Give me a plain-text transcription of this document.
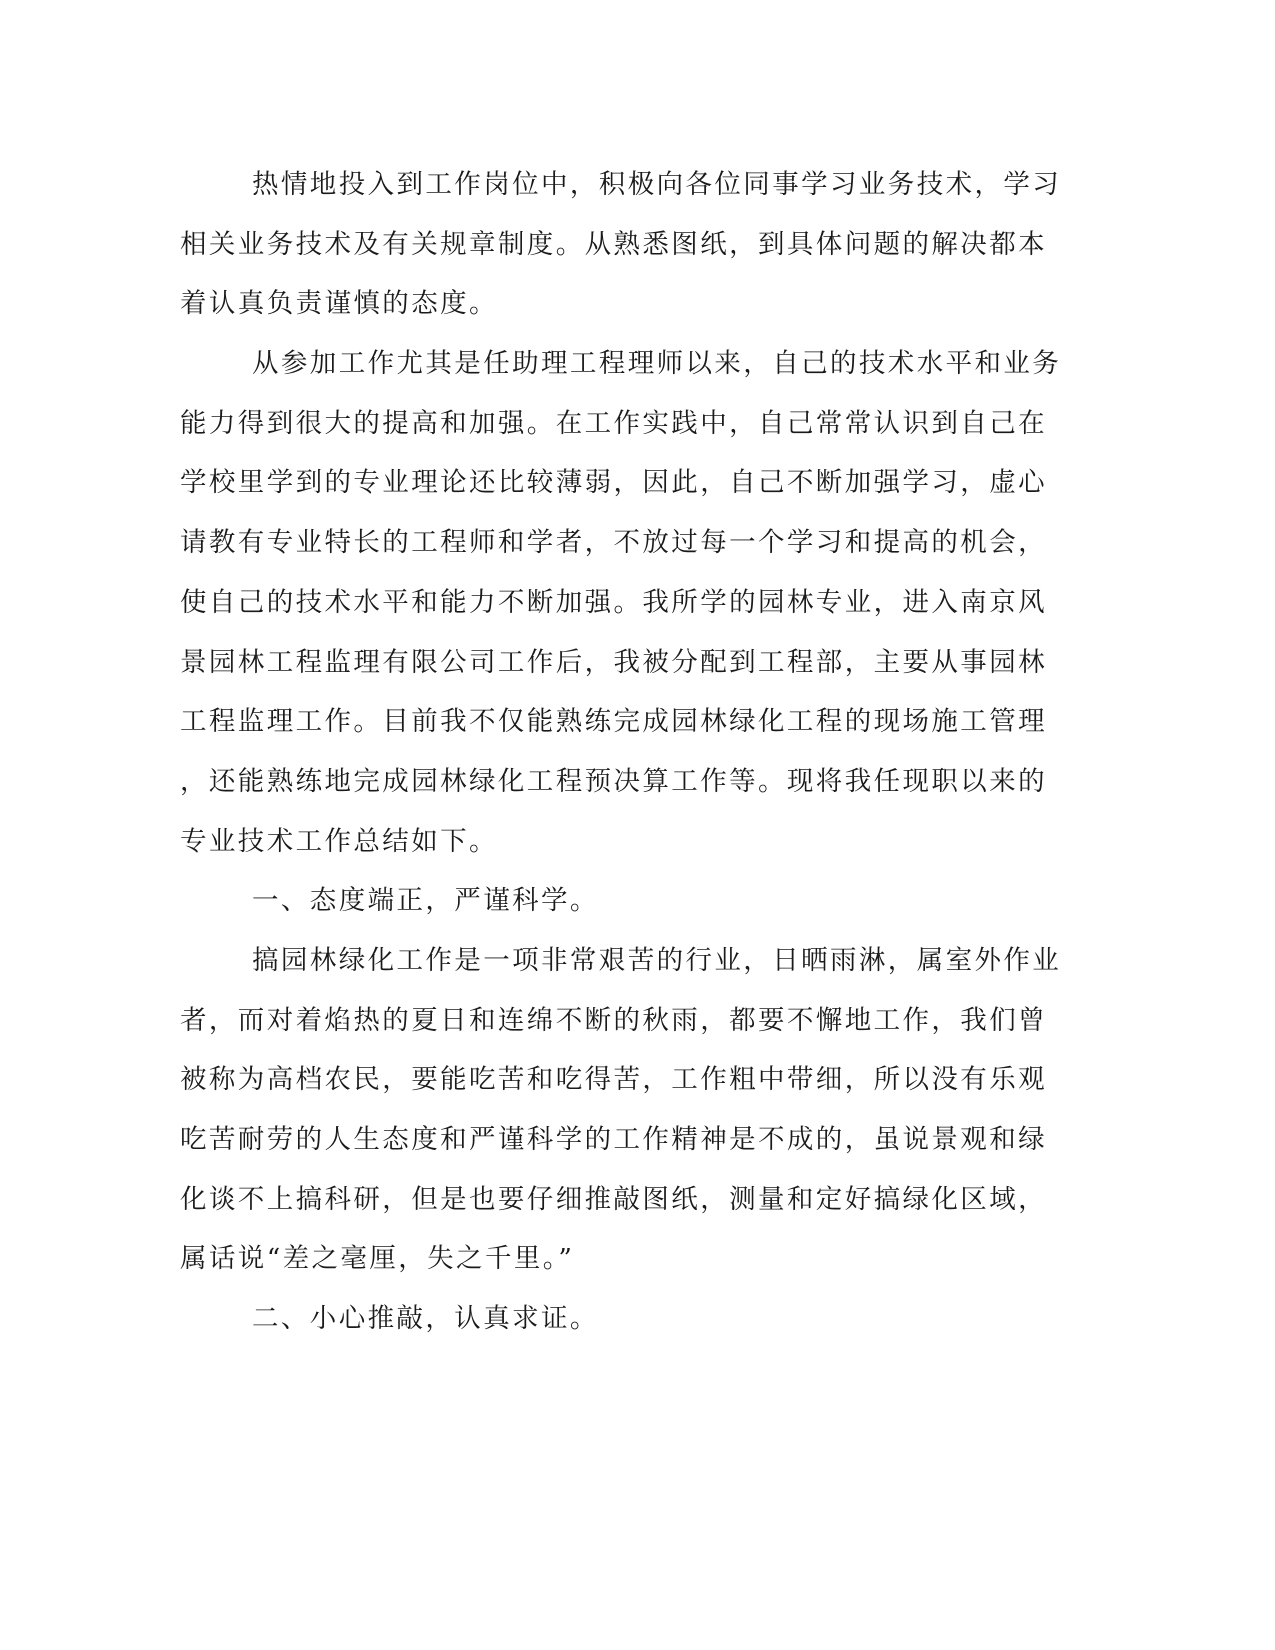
热情地投入到工作岗位中，积极向各位同事学习业务技术，学习
相关业务技术及有关规章制度。从熟悉图纸，到具体问题的解决都本
着认真负责谨慎的态度。
从参加工作尤其是任助理工程理师以来，自己的技术水平和业务
能力得到很大的提高和加强。在工作实践中，自己常常认识到自己在
学校里学到的专业理论还比较薄弱，因此，自己不断加强学习，虚心
请教有专业特长的工程师和学者，不放过每一个学习和提高的机会，
使自己的技术水平和能力不断加强。我所学的园林专业，进入南京风
景园林工程监理有限公司工作后，我被分配到工程部，主要从事园林
工程监理工作。目前我不仅能熟练完成园林绿化工程的现场施工管理
，还能熟练地完成园林绿化工程预决算工作等。现将我任现职以来的
专业技术工作总结如下。
一、态度端正，严谨科学。
搞园林绿化工作是一项非常艰苦的行业，日晒雨淋，属室外作业
者，而对着焰热的夏日和连绵不断的秋雨，都要不懈地工作，我们曾
被称为高档农民，要能吃苦和吃得苦，工作粗中带细，所以没有乐观
吃苦耐劳的人生态度和严谨科学的工作精神是不成的，虽说景观和绿
化谈不上搞科研，但是也要仔细推敲图纸，测量和定好搞绿化区域，
属话说“差之毫厘，失之千里。”
二、小心推敲，认真求证。
